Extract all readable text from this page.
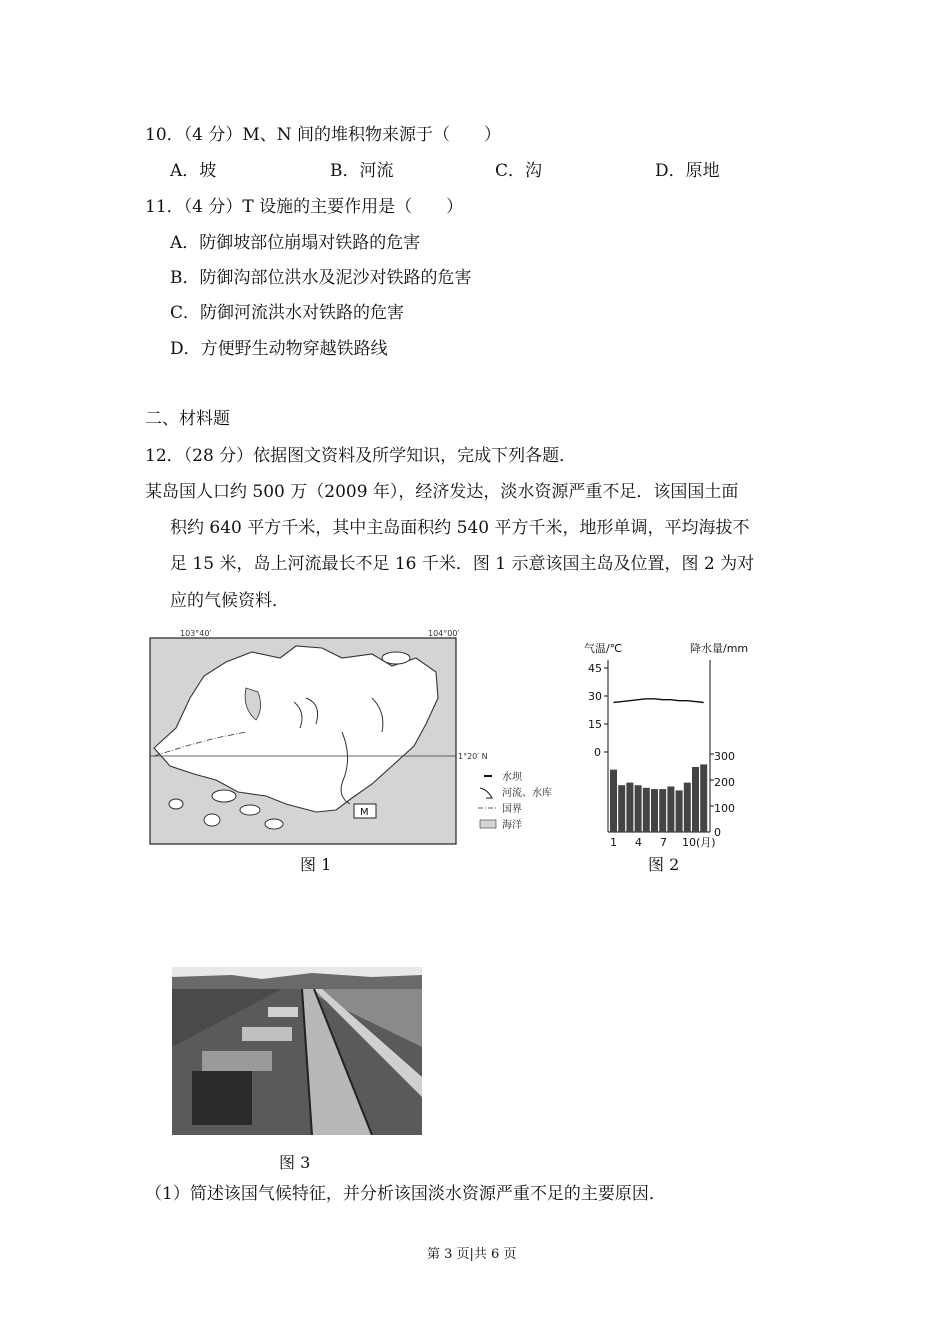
10．（4 分）M、N 间的堆积物来源于（　　）
A．坡	B．河流	C．沟	D．原地
11．（4 分）T 设施的主要作用是（　　）
A．防御坡部位崩塌对铁路的危害
B．防御沟部位洪水及泥沙对铁路的危害
C．防御河流洪水对铁路的危害
D．方便野生动物穿越铁路线
二、材料题
12．（28 分）依据图文资料及所学知识，完成下列各题．
某岛国人口约 500 万（2009 年），经济发达，淡水资源严重不足．该国国土面
积约 640 平方千米，其中主岛面积约 540 平方千米，地形单调，平均海拔不
足 15 米，岛上河流最长不足 16 千米．图 1 示意该国主岛及位置，图 2 为对
应的气候资料．
103°40′	104°00′
1°20′ N
M
水坝
河流、水库
国界
海洋
图 1
气温/℃	降水量/mm
45
30
15
0	300
200
100
0
1 4 7 10(月)
图 2
图 3
（1）简述该国气候特征，并分析该国淡水资源严重不足的主要原因．
第 3 页|共 6 页
